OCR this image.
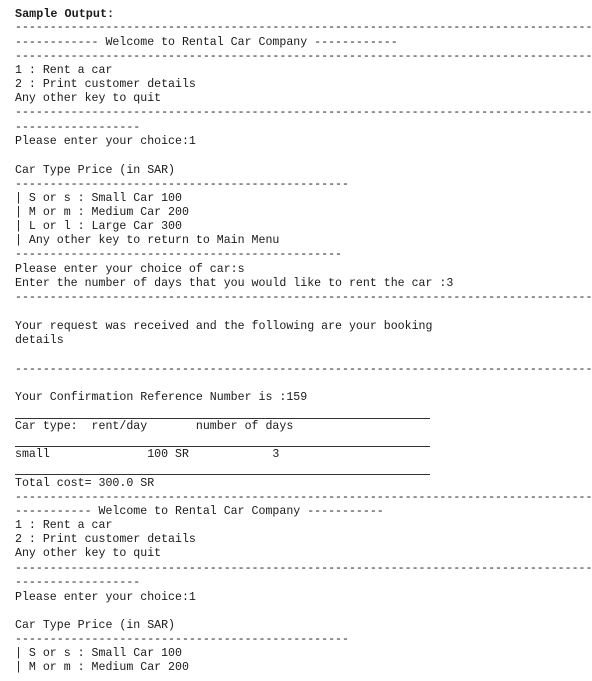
Sample Output:
-----------------------------------------------------------------------------------
------------ Welcome to Rental Car Company ------------
-----------------------------------------------------------------------------------
1 : Rent a car
2 : Print customer details
Any other key to quit
-----------------------------------------------------------------------------------
------------------
Please enter your choice:1
Car Type Price (in SAR)
------------------------------------------------
| S or s : Small Car 100
| M or m : Medium Car 200
| L or l : Large Car 300
| Any other key to return to Main Menu
-----------------------------------------------
Please enter your choice of car:s
Enter the number of days that you would like to rent the car :3
-----------------------------------------------------------------------------------
Your request was received and the following are your booking
details
-----------------------------------------------------------------------------------
Your Confirmation Reference Number is :159
Car type:  rent/day       number of days
small              100 SR            3
Total cost= 300.0 SR
-----------------------------------------------------------------------------------
----------- Welcome to Rental Car Company -----------
1 : Rent a car
2 : Print customer details
Any other key to quit
-----------------------------------------------------------------------------------
------------------
Please enter your choice:1
Car Type Price (in SAR)
------------------------------------------------
| S or s : Small Car 100
| M or m : Medium Car 200
